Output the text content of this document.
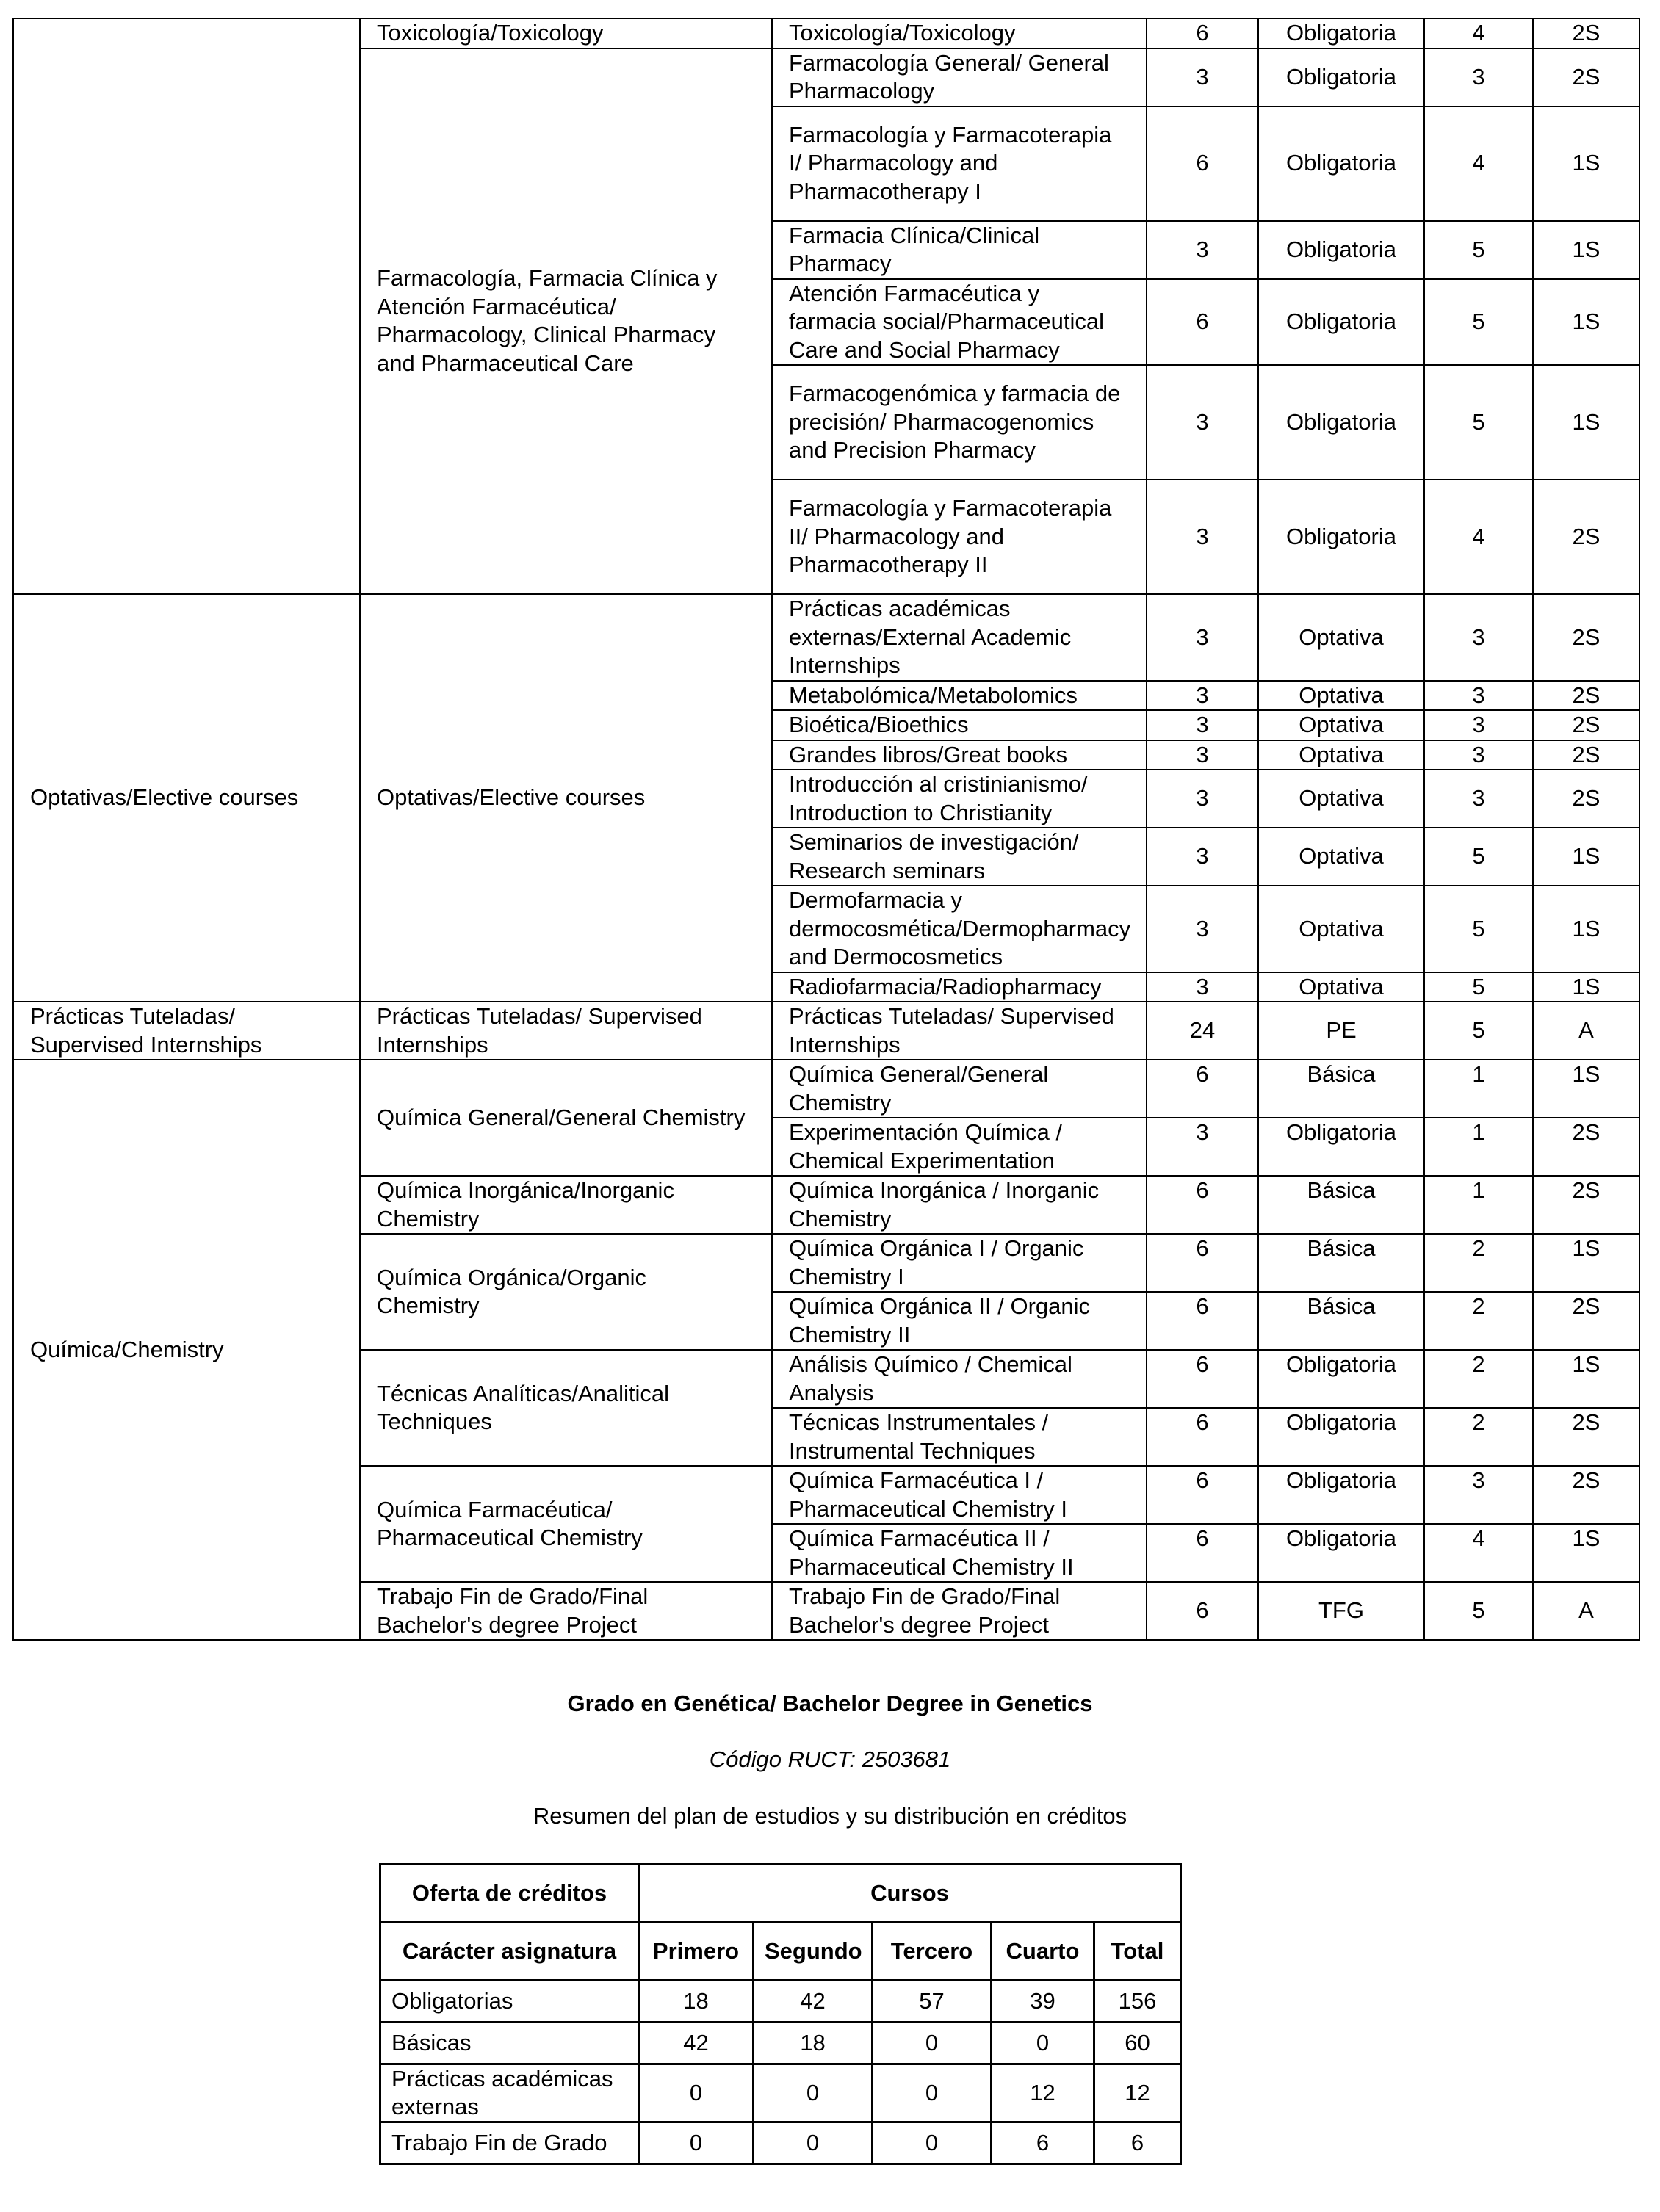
	Toxicología/Toxicology	Toxicología/Toxicology	6	Obligatoria	4	2S
	Farmacología, Farmacia Clínica y Atención Farmacéutica/ Pharmacology, Clinical Pharmacy and Pharmaceutical Care	Farmacología General/ General Pharmacology	3	Obligatoria	3	2S
		Farmacología y Farmacoterapia I/ Pharmacology and Pharmacotherapy I	6	Obligatoria	4	1S
		Farmacia Clínica/Clinical Pharmacy	3	Obligatoria	5	1S
		Atención Farmacéutica y farmacia social/Pharmaceutical Care and Social Pharmacy	6	Obligatoria	5	1S
		Farmacogenómica y farmacia de precisión/ Pharmacogenomics and Precision Pharmacy	3	Obligatoria	5	1S
		Farmacología y Farmacoterapia II/ Pharmacology and Pharmacotherapy II	3	Obligatoria	4	2S
Optativas/Elective courses	Optativas/Elective courses	Prácticas académicas externas/External Academic Internships	3	Optativa	3	2S
		Metabolómica/Metabolomics	3	Optativa	3	2S
		Bioética/Bioethics	3	Optativa	3	2S
		Grandes libros/Great books	3	Optativa	3	2S
		Introducción al cristinianismo/ Introduction to Christianity	3	Optativa	3	2S
		Seminarios de investigación/ Research seminars	3	Optativa	5	1S
		Dermofarmacia y dermocosmética/Dermopharmacy and Dermocosmetics	3	Optativa	5	1S
		Radiofarmacia/Radiopharmacy	3	Optativa	5	1S
Prácticas Tuteladas/ Supervised Internships	Prácticas Tuteladas/ Supervised Internships	Prácticas Tuteladas/ Supervised Internships	24	PE	5	A
Química/Chemistry	Química General/General Chemistry	Química General/General Chemistry	6	Básica	1	1S
		Experimentación Química / Chemical Experimentation	3	Obligatoria	1	2S
	Química Inorgánica/Inorganic Chemistry	Química Inorgánica / Inorganic Chemistry	6	Básica	1	2S
	Química Orgánica/Organic Chemistry	Química Orgánica I / Organic Chemistry I	6	Básica	2	1S
		Química Orgánica II / Organic Chemistry II	6	Básica	2	2S
	Técnicas Analíticas/Analitical Techniques	Análisis Químico / Chemical Analysis	6	Obligatoria	2	1S
		Técnicas Instrumentales / Instrumental Techniques	6	Obligatoria	2	2S
	Química Farmacéutica/ Pharmaceutical Chemistry	Química Farmacéutica I / Pharmaceutical Chemistry I	6	Obligatoria	3	2S
		Química Farmacéutica II / Pharmaceutical Chemistry II	6	Obligatoria	4	1S
	Trabajo Fin de Grado/Final Bachelor's degree Project	Trabajo Fin de Grado/Final Bachelor's degree Project	6	TFG	5	A
Grado en Genética/ Bachelor Degree in Genetics
Código RUCT: 2503681
Resumen del plan de estudios y su distribución en créditos
Oferta de créditos	Cursos				
Carácter asignatura	Primero	Segundo	Tercero	Cuarto	Total
Obligatorias	18	42	57	39	156
Básicas	42	18	0	0	60
Prácticas académicas externas	0	0	0	12	12
Trabajo Fin de Grado	0	0	0	6	6
